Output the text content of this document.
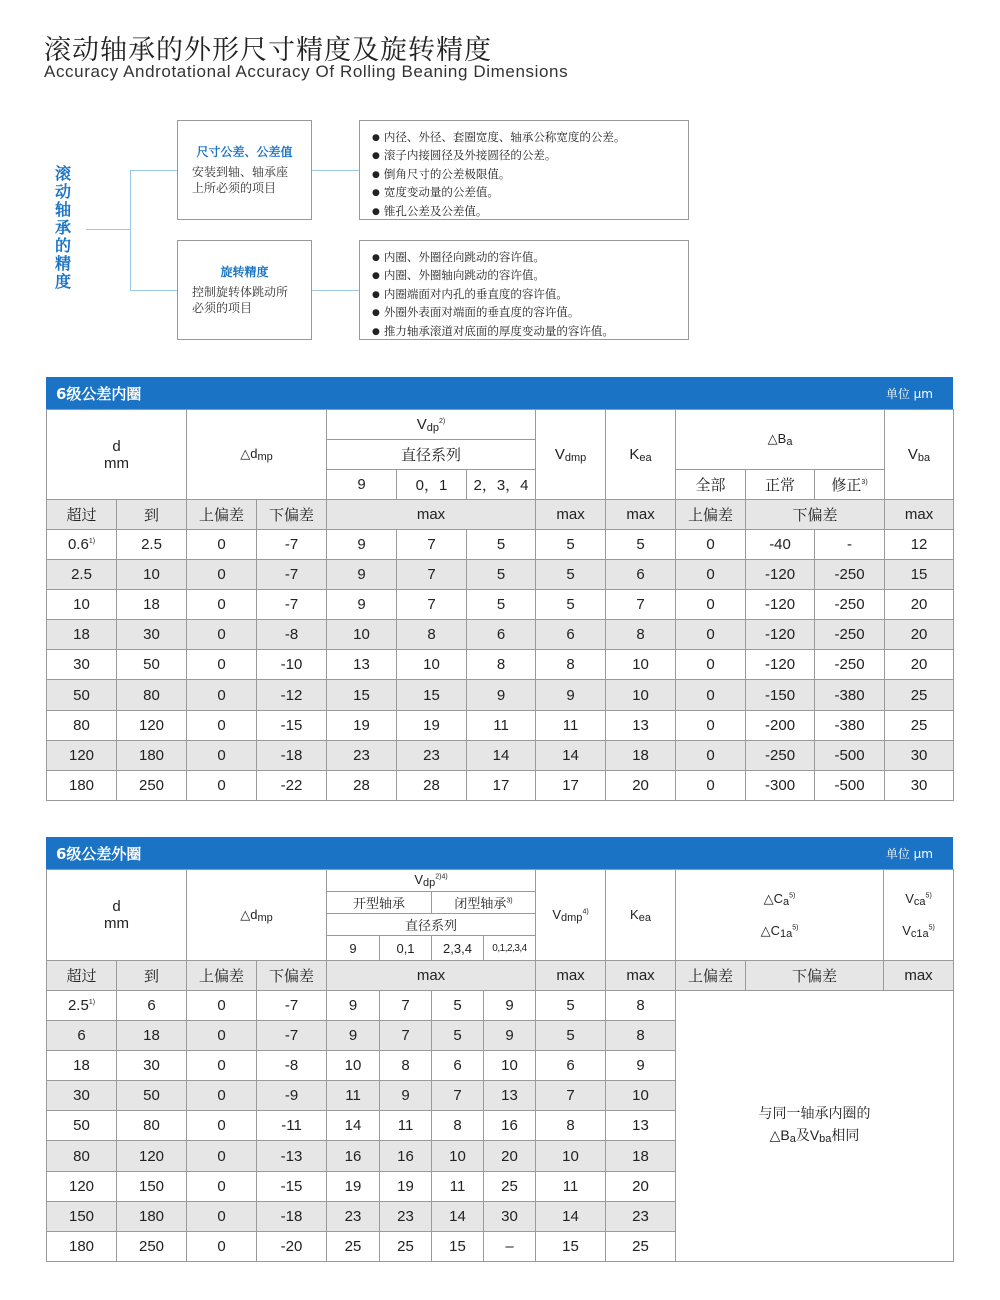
滚动轴承的外形尺寸精度及旋转精度
Accuracy Androtational Accuracy Of Rolling Beaning Dimensions
滚动轴承的精度
尺寸公差、公差值
安装到轴、轴承座上所必须的项目
旋转精度
控制旋转体跳动所必须的项目
● 内径、外径、套圈宽度、轴承公称宽度的公差。
● 滚子内接圆径及外接圆径的公差。
● 倒角尺寸的公差极限值。
● 宽度变动量的公差值。
● 锥孔公差及公差值。
● 内圈、外圈径向跳动的容许值。
● 内圈、外圈轴向跳动的容许值。
● 内圈端面对内孔的垂直度的容许值。
● 外圈外表面对端面的垂直度的容许值。
● 推力轴承滚道对底面的厚度变动量的容许值。
6级公差内圈	单位 μm
d
mm		$\triangle d_{mp}$		$V_{dp}^{2)}$			$V_{dmp}$	$K_{ea}$	$\triangle B_a$			$V_{ba}$
				直径系列								
				9	0，1	2，3，4			全部	正常	修正$^{3)}$
超过	到	上偏差	下偏差	max			max	max	上偏差	下偏差		max
0.6$^{1)}$	2.5	0	-7	9	7	5	5	5	0	-40	-	12
2.5	10	0	-7	9	7	5	5	6	0	-120	-250	15
10	18	0	-7	9	7	5	5	7	0	-120	-250	20
18	30	0	-8	10	8	6	6	8	0	-120	-250	20
30	50	0	-10	13	10	8	8	10	0	-120	-250	20
50	80	0	-12	15	15	9	9	10	0	-150	-380	25
80	120	0	-15	19	19	11	11	13	0	-200	-380	25
120	180	0	-18	23	23	14	14	18	0	-250	-500	30
180	250	0	-22	28	28	17	17	20	0	-300	-500	30
6级公差外圈	单位 μm
d
mm		$\triangle d_{mp}$		$V_{dp}^{2)4)}$				$V_{dmp}^{4)}$	$K_{ea}$	$\triangle C_a^{5)}$

$\triangle C_{1a}^{5)}$		$V_{ca}^{5)}$

$V_{c1a}^{5)}$
				开型轴承		闭型轴承$^{3)}$
				直径系列								
				9	0,1	2,3,4	0,1,2,3,4					
超过	到	上偏差	下偏差	max				max	max	上偏差	下偏差	max
2.5$^{1)}$	6	0	-7	9	7	5	9	5	8	与同一轴承内圈的
$\triangle B_a$及$V_{ba}$相同		
6	18	0	-7	9	7	5	9	5	8			
18	30	0	-8	10	8	6	10	6	9			
30	50	0	-9	11	9	7	13	7	10			
50	80	0	-11	14	11	8	16	8	13			
80	120	0	-13	16	16	10	20	10	18			
120	150	0	-15	19	19	11	25	11	20			
150	180	0	-18	23	23	14	30	14	23			
180	250	0	-20	25	25	15	–	15	25			
